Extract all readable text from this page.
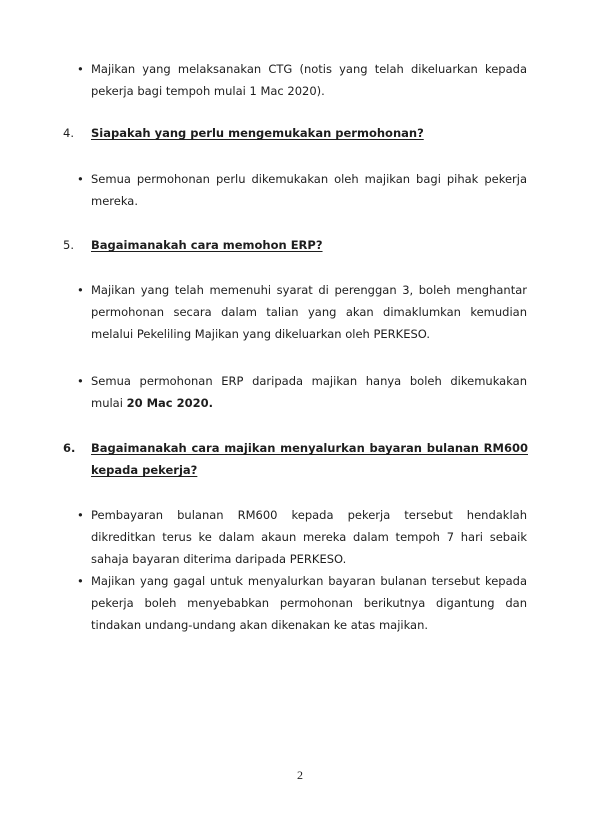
• Majikan yang melaksanakan CTG (notis yang telah dikeluarkan kepada pekerja bagi tempoh mulai 1 Mac 2020).
4. Siapakah yang perlu mengemukakan permohonan?
• Semua permohonan perlu dikemukakan oleh majikan bagi pihak pekerja mereka.
5. Bagaimanakah cara memohon ERP?
• Majikan yang telah memenuhi syarat di perenggan 3, boleh menghantar permohonan secara dalam talian yang akan dimaklumkan kemudian melalui Pekeliling Majikan yang dikeluarkan oleh PERKESO.
• Semua permohonan ERP daripada majikan hanya boleh dikemukakan mulai 20 Mac 2020.
6. Bagaimanakah cara majikan menyalurkan bayaran bulanan RM600 kepada pekerja?
• Pembayaran bulanan RM600 kepada pekerja tersebut hendaklah dikreditkan terus ke dalam akaun mereka dalam tempoh 7 hari sebaik sahaja bayaran diterima daripada PERKESO.
• Majikan yang gagal untuk menyalurkan bayaran bulanan tersebut kepada pekerja boleh menyebabkan permohonan berikutnya digantung dan tindakan undang-undang akan dikenakan ke atas majikan.
2
